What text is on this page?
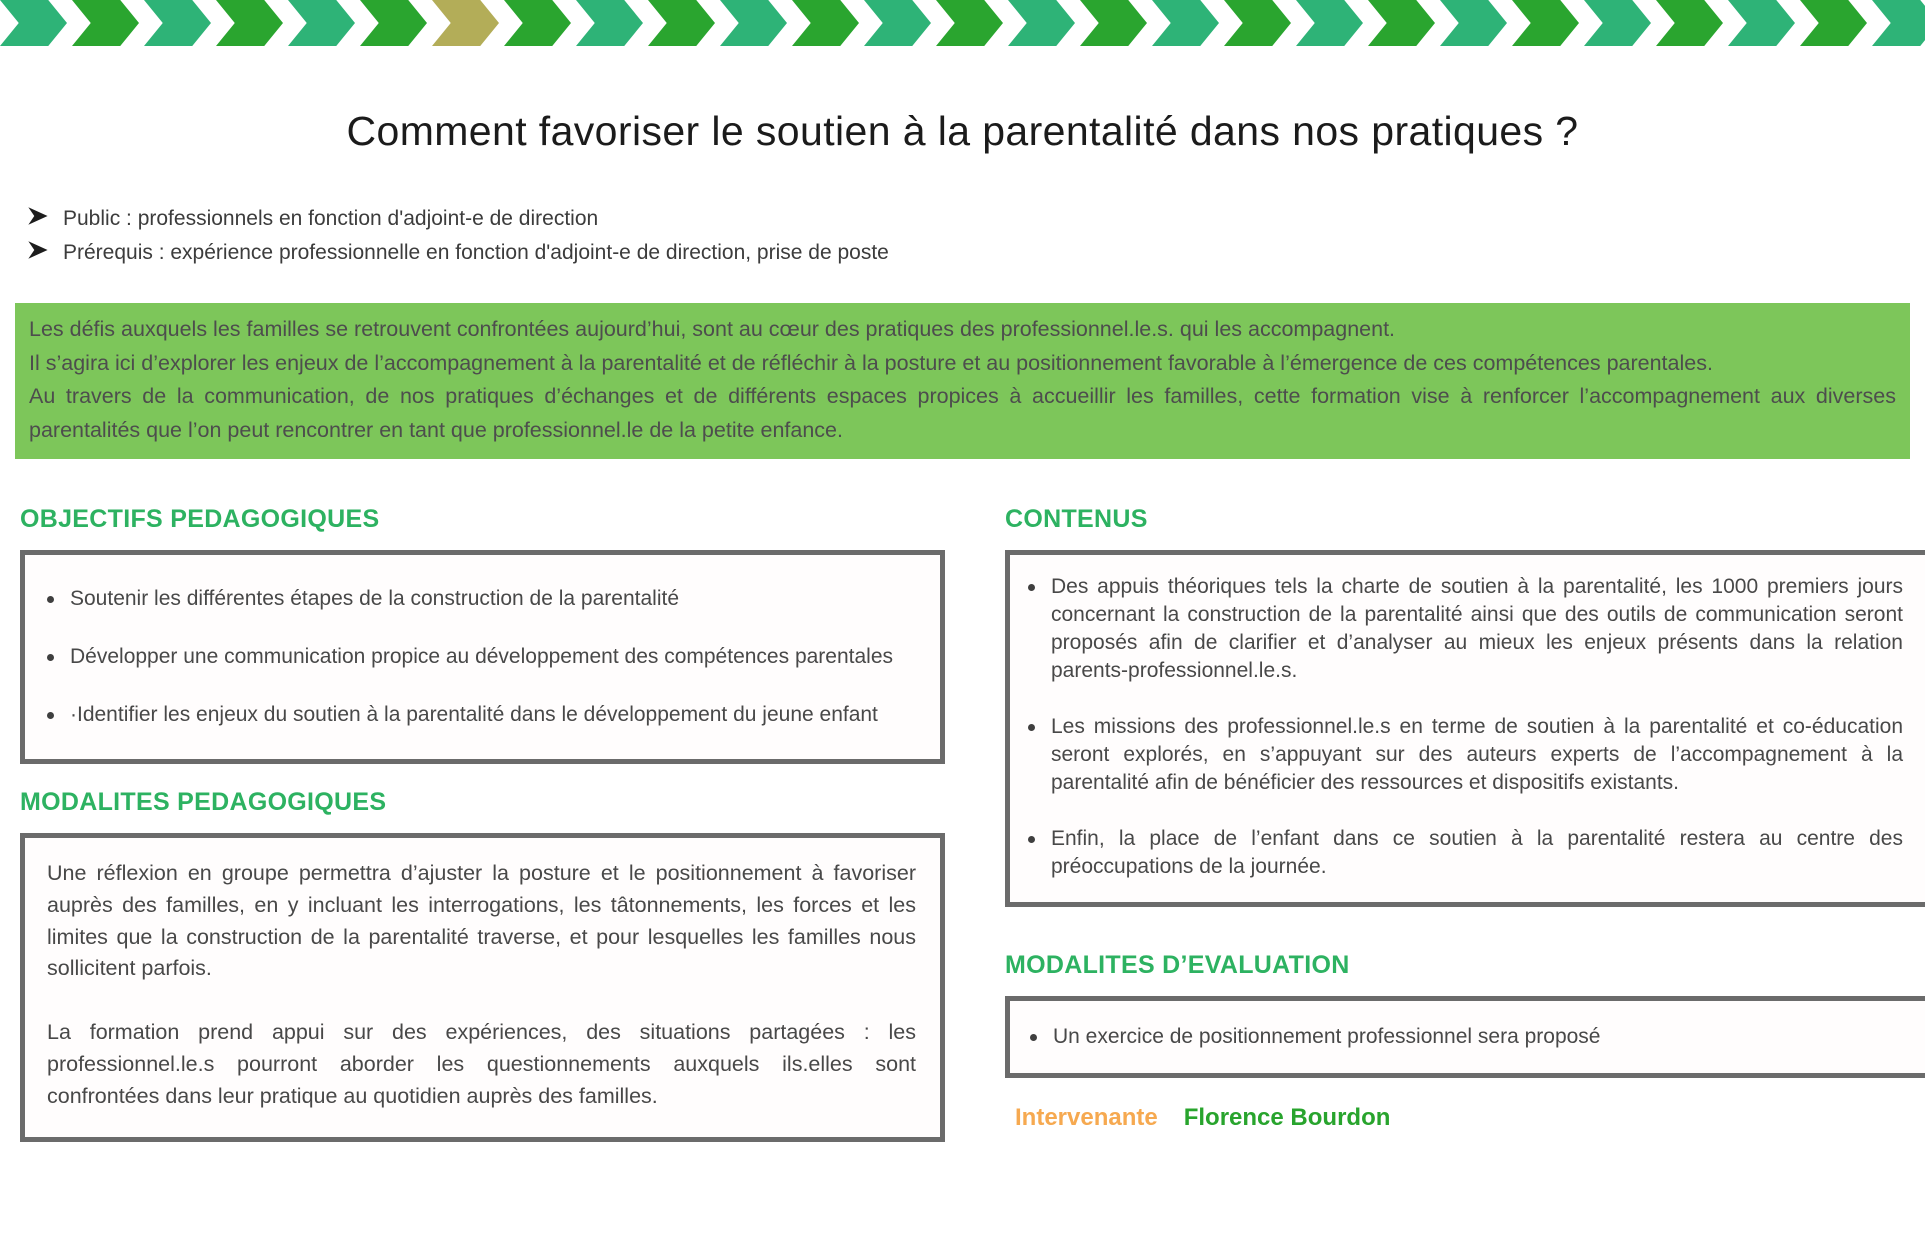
Comment favoriser le soutien à la parentalité dans nos pratiques ?
Public : professionnels en fonction d'adjoint-e de direction
Prérequis : expérience professionnelle en fonction d'adjoint-e de direction, prise de poste

Les défis auxquels les familles se retrouvent confrontées aujourd’hui, sont au cœur des pratiques des professionnel.le.s. qui les accompagnent.

Il s’agira ici d’explorer les enjeux de l’accompagnement à la parentalité et de réfléchir à la posture et au positionnement favorable à l’émergence de ces compétences parentales.

Au travers de la communication, de nos pratiques d’échanges et de différents espaces propices à accueillir les familles, cette formation vise à renforcer l’accompagnement aux diverses parentalités que l’on peut rencontrer en tant que professionnel.le de la petite enfance.

OBJECTIFS PEDAGOGIQUES
Soutenir les différentes étapes de la construction de la parentalité
Développer une communication propice au développement des compétences parentales
·Identifier les enjeux du soutien à la parentalité dans le développement du jeune enfant
MODALITES PEDAGOGIQUES

Une réflexion en groupe permettra d’ajuster la posture et le positionnement à favoriser auprès des familles, en y incluant les interrogations, les tâtonnements, les forces et les limites que la construction de la parentalité traverse, et pour lesquelles les familles nous sollicitent parfois.

La formation prend appui sur des expériences, des situations partagées : les professionnel.le.s pourront aborder les questionnements auxquels ils.elles sont confrontées dans leur pratique au quotidien auprès des familles.

CONTENUS
Des appuis théoriques tels la charte de soutien à la parentalité, les 1000 premiers jours concernant la construction de la parentalité ainsi que des outils de communication seront proposés afin de clarifier et d’analyser au mieux les enjeux présents dans la relation parents-professionnel.le.s.
Les missions des professionnel.le.s en terme de soutien à la parentalité et co-éducation seront explorés, en s’appuyant sur des auteurs experts de l’accompagnement à la parentalité afin de bénéficier des ressources et dispositifs existants.
Enfin, la place de l’enfant dans ce soutien à la parentalité restera au centre des préoccupations de la journée.
MODALITES D’EVALUATION
Un exercice de positionnement professionnel sera proposé
Intervenante Florence Bourdon
